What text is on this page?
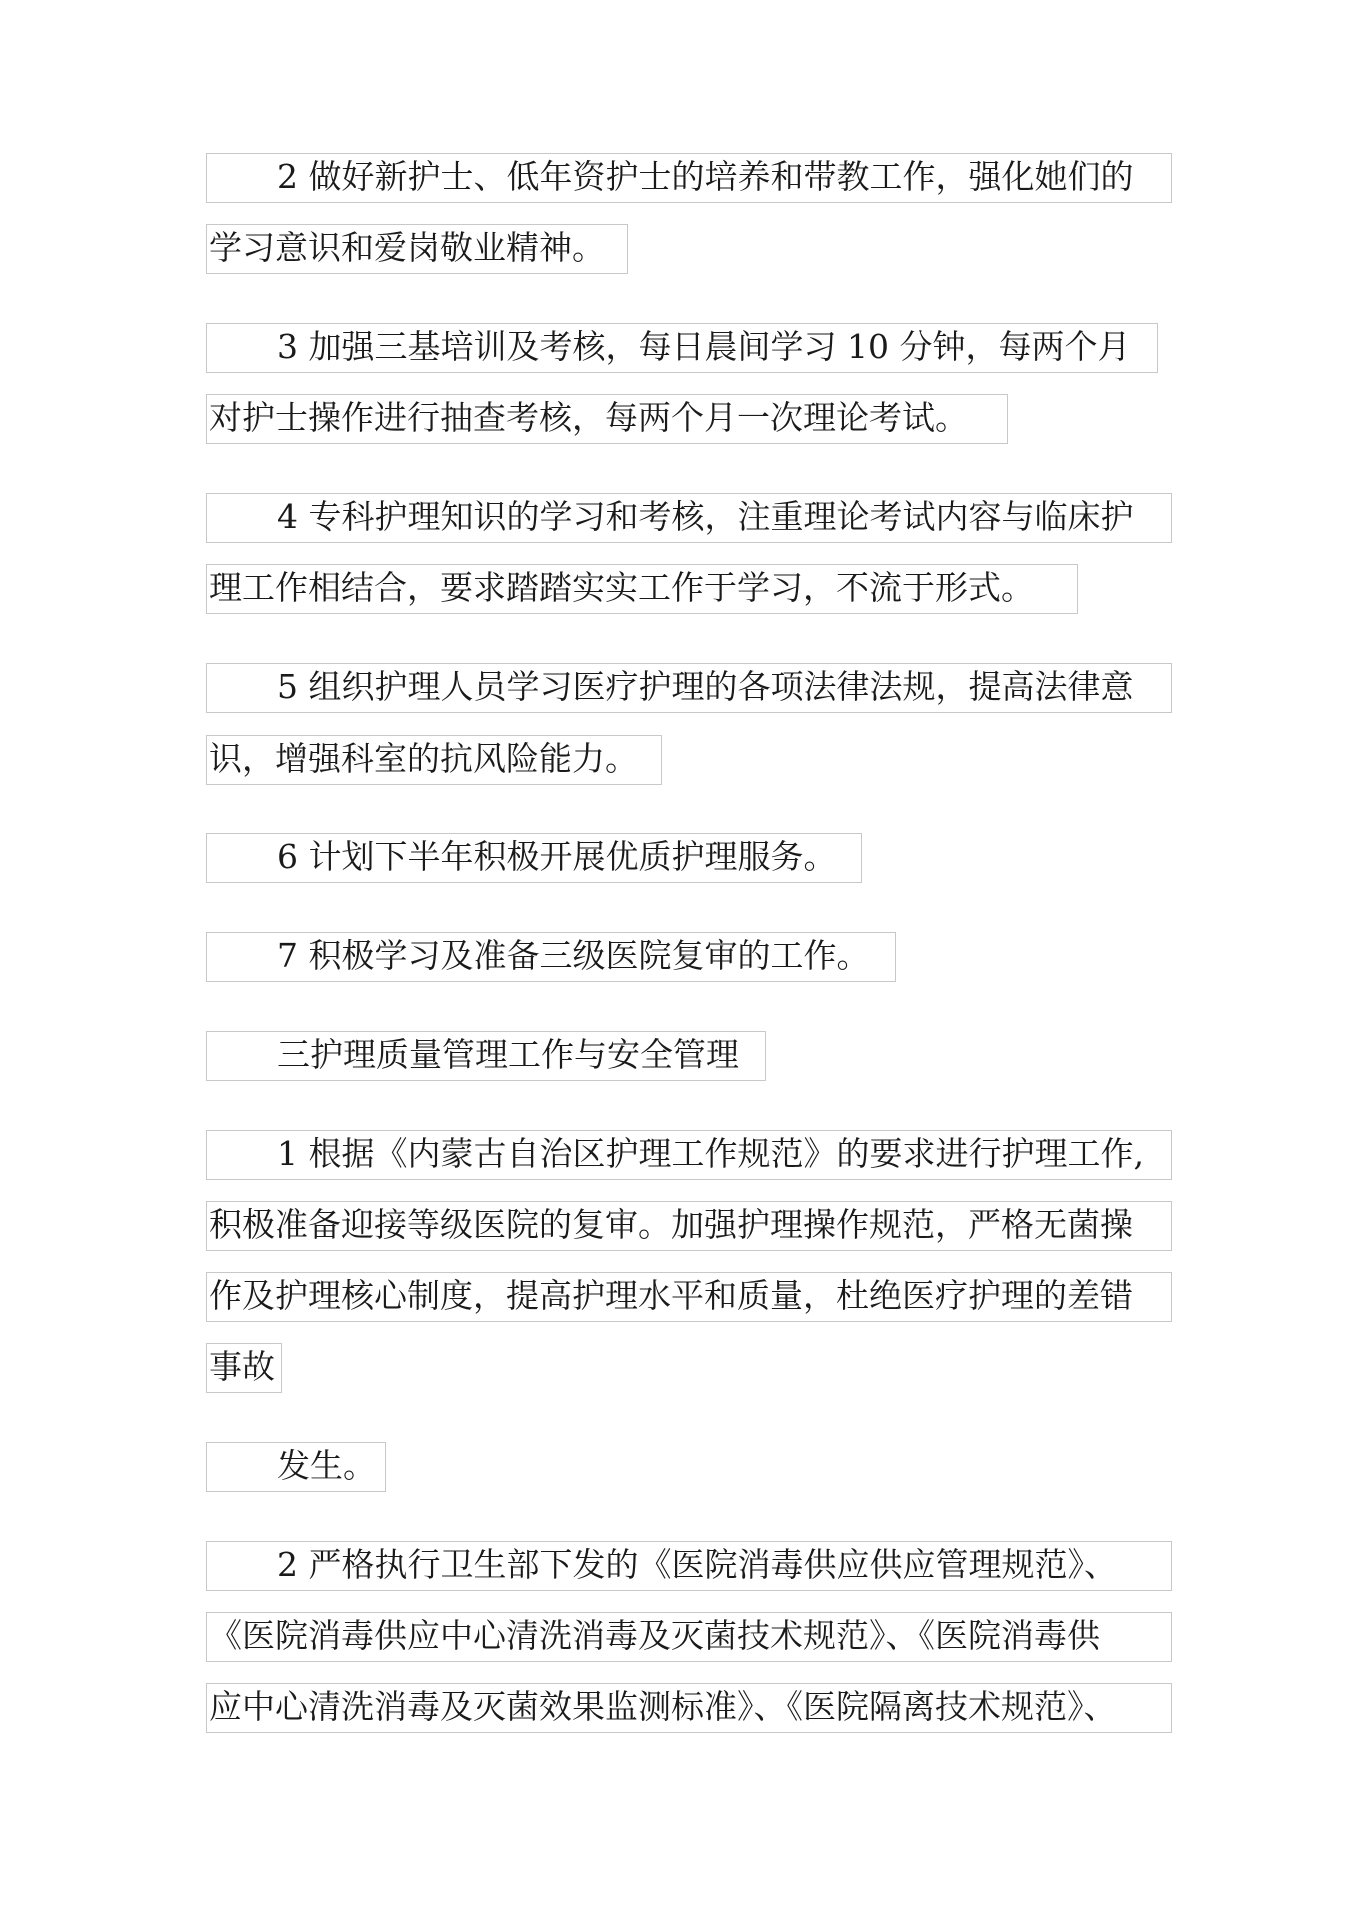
2 做好新护士、低年资护士的培养和带教工作，强化她们的
学习意识和爱岗敬业精神。
3 加强三基培训及考核，每日晨间学习 10 分钟，每两个月
对护士操作进行抽查考核，每两个月一次理论考试。
4 专科护理知识的学习和考核，注重理论考试内容与临床护
理工作相结合，要求踏踏实实工作于学习，不流于形式。
5 组织护理人员学习医疗护理的各项法律法规，提高法律意
识，增强科室的抗风险能力。
6 计划下半年积极开展优质护理服务。
7 积极学习及准备三级医院复审的工作。
三护理质量管理工作与安全管理
1 根据《内蒙古自治区护理工作规范》的要求进行护理工作,
积极准备迎接等级医院的复审。加强护理操作规范，严格无菌操
作及护理核心制度，提高护理水平和质量，杜绝医疗护理的差错
事故
发生。
2 严格执行卫生部下发的《医院消毒供应供应管理规范》、
《医院消毒供应中心清洗消毒及灭菌技术规范》、《医院消毒供
应中心清洗消毒及灭菌效果监测标准》、《医院隔离技术规范》、
